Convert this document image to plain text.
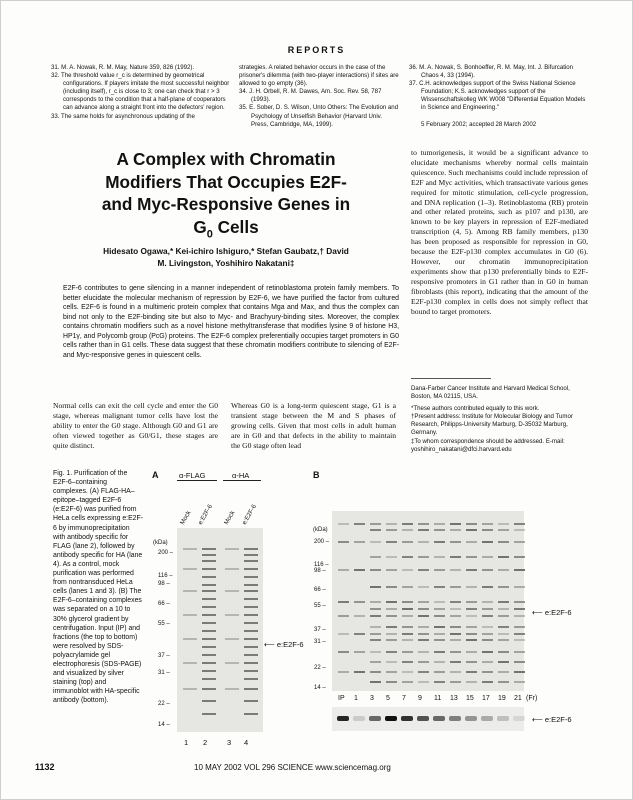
REPORTS
31. M. A. Nowak, R. M. May, Nature 359, 826 (1992).
32. The threshold value r_c is determined by geometrical configurations. If players imitate the most successful neighbor (including itself), r_c is close to 3; one can check that r > 3 corresponds to the condition that a half-plane of cooperators can advance along a straight front into the defectors' region.
33. The same holds for asynchronous updating of the
strategies. A related behavior occurs in the case of the prisoner's dilemma (with two-player interactions) if sites are allowed to go empty (36).
34. J. H. Orbell, R. M. Dawes, Am. Soc. Rev. 58, 787 (1993).
35. E. Sober, D. S. Wilson, Unto Others: The Evolution and Psychology of Unselfish Behavior (Harvard Univ. Press, Cambridge, MA, 1999).
36. M. A. Nowak, S. Bonhoeffer, R. M. May, Int. J. Bifurcation Chaos 4, 33 (1994).
37. C.H. acknowledges support of the Swiss National Science Foundation; K.S. acknowledges support of the Wissenschaftskolleg WK W008 "Differential Equation Models in Science and Engineering."
5 February 2002; accepted 28 March 2002
A Complex with Chromatin
Modifiers That Occupies E2F-
and Myc-Responsive Genes in
$G_0$ Cells
Hidesato Ogawa,* Kei-ichiro Ishiguro,* Stefan Gaubatz,† David
M. Livingston, Yoshihiro Nakatani‡
E2F-6 contributes to gene silencing in a manner independent of retinoblastoma protein family members. To better elucidate the molecular mechanism of repression by E2F-6, we have purified the factor from cultured cells. E2F-6 is found in a multimeric protein complex that contains Mga and Max, and thus the complex can bind not only to the E2F-binding site but also to Myc- and Brachyury-binding sites. Moreover, the complex contains chromatin modifiers such as a novel histone methyltransferase that modifies lysine 9 of histone H3, HP1γ, and Polycomb group (PcG) proteins. The E2F-6 complex preferentially occupies target promoters in G0 cells rather than in G1 cells. These data suggest that these chromatin modifiers contribute to silencing of E2F- and Myc-responsive genes in quiescent cells.
to tumorigenesis, it would be a significant advance to elucidate mechanisms whereby normal cells maintain quiescence. Such mechanisms could include repression of E2F and Myc activities, which transactivate various genes required for mitotic stimulation, cell-cycle progression, and DNA replication (1–3). Retinoblastoma (RB) protein and other related proteins, such as p107 and p130, are known to be key players in repression of E2F-mediated transcription (4, 5). Among RB family members, p130 has been proposed as responsible for repression in G0, because the E2F-p130 complex accumulates in G0 (6). However, our chromatin immunoprecipitation experiments show that p130 preferentially binds to E2F-responsive promoters in G1 rather than in G0 in human fibroblasts (this report), indicating that the amount of the E2F-p130 complex in cells does not simply reflect that bound to target promoters.

Dana-Farber Cancer Institute and Harvard Medical School, Boston, MA 02115, USA.

*These authors contributed equally to this work.

†Present address: Institute for Molecular Biology and Tumor Research, Philipps-University Marburg, D-35032 Marburg, Germany.

‡To whom correspondence should be addressed. E-mail: yoshihiro_nakatani@dfci.harvard.edu

Normal cells can exit the cell cycle and enter the G0 stage, whereas malignant tumor cells have lost the ability to enter the G0 stage. Although G0 and G1 are often viewed together as G0/G1, these stages are quite distinct.
Whereas G0 is a long-term quiescent stage, G1 is a transient stage between the M and S phases of growing cells. Given that most cells in adult human are in G0 and that defects in the ability to maintain the G0 stage often lead
Fig. 1. Purification of the E2F-6–containing complexes. (A) FLAG-HA–epitope–tagged E2F-6 (e:E2F-6) was purified from HeLa cells expressing e:E2F-6 by immunoprecipitation with antibody specific for FLAG (lane 2), followed by antibody specific for HA (lane 4). As a control, mock purification was performed from nontransduced HeLa cells (lanes 1 and 3). (B) The E2F-6–containing complexes was separated on a 10 to 30% glycerol gradient by centrifugation. Input (IP) and fractions (the top to bottom) were resolved by SDS-polyacrylamide gel electrophoresis (SDS-PAGE) and visualized by silver staining (top) and immunoblot with HA-specific antibody (bottom).
A	α-FLAG	α-HA
Mock e:E2F-6 Mock e:E2F-6
(kDa)
200 –
116 –
98 –
66 –
55 –
37 –
31 –
22 –
14 –
⟵ e:E2F-6
1 2	3 4
B
(kDa)
200 –
116 –
98 –
66 –
55 –
37 –
31 –
22 –
14 –
⟵ e:E2F-6
IP 1 3 5 7 9 11 13 15 17 19 21 (Fr)
⟵ e:E2F-6
1132	10 MAY 2002 VOL 296 SCIENCE www.sciencemag.org
